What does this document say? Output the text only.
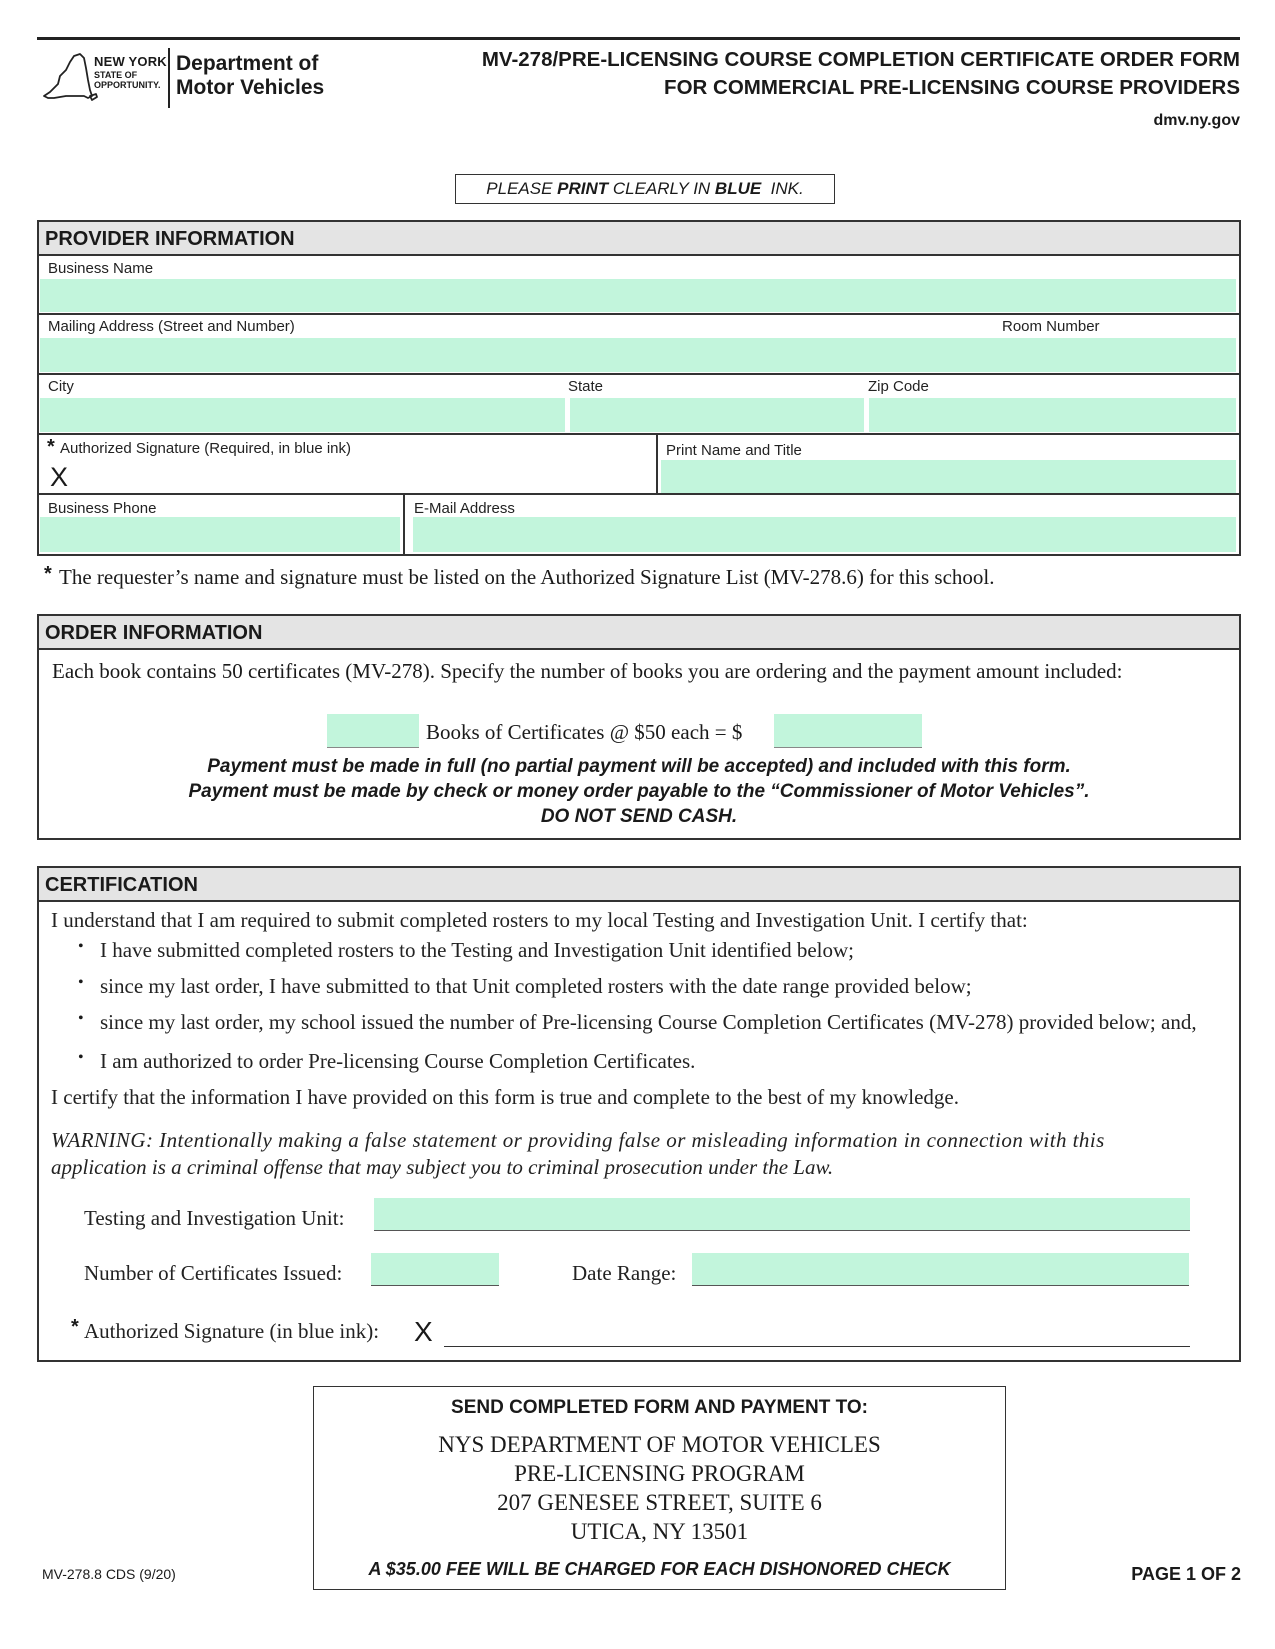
NEW YORK
STATE OF
OPPORTUNITY.
Department of
Motor Vehicles
MV-278/PRE-LICENSING COURSE COMPLETION CERTIFICATE ORDER FORM
FOR COMMERCIAL PRE-LICENSING COURSE PROVIDERS
dmv.ny.gov
PLEASE PRINT CLEARLY IN BLUE  INK.
PROVIDER INFORMATION
Business Name
Mailing Address (Street and Number)	Room Number
City	State	Zip Code
* Authorized Signature (Required, in blue ink)
X
Print Name and Title
Business Phone	E-Mail Address
* The requester’s name and signature must be listed on the Authorized Signature List (MV-278.6) for this school.
ORDER INFORMATION
Each book contains 50 certificates (MV-278). Specify the number of books you are ordering and the payment amount included:
Books of Certificates @ $50 each = $
Payment must be made in full (no partial payment will be accepted) and included with this form.
Payment must be made by check or money order payable to the “Commissioner of Motor Vehicles”.
DO NOT SEND CASH.
CERTIFICATION
I understand that I am required to submit completed rosters to my local Testing and Investigation Unit. I certify that:
• I have submitted completed rosters to the Testing and Investigation Unit identified below;
• since my last order, I have submitted to that Unit completed rosters with the date range provided below;
• since my last order, my school issued the number of Pre-licensing Course Completion Certificates (MV-278) provided below; and,
• I am authorized to order Pre-licensing Course Completion Certificates.
I certify that the information I have provided on this form is true and complete to the best of my knowledge.
WARNING: Intentionally making a false statement or providing false or misleading information in connection with this
application is a criminal offense that may subject you to criminal prosecution under the Law.
Testing and Investigation Unit:
Number of Certificates Issued:	Date Range:
* Authorized Signature (in blue ink): X
SEND COMPLETED FORM AND PAYMENT TO:
NYS DEPARTMENT OF MOTOR VEHICLES
PRE-LICENSING PROGRAM
207 GENESEE STREET, SUITE 6
UTICA, NY 13501
A $35.00 FEE WILL BE CHARGED FOR EACH DISHONORED CHECK
MV-278.8 CDS (9/20)	PAGE 1 OF 2
